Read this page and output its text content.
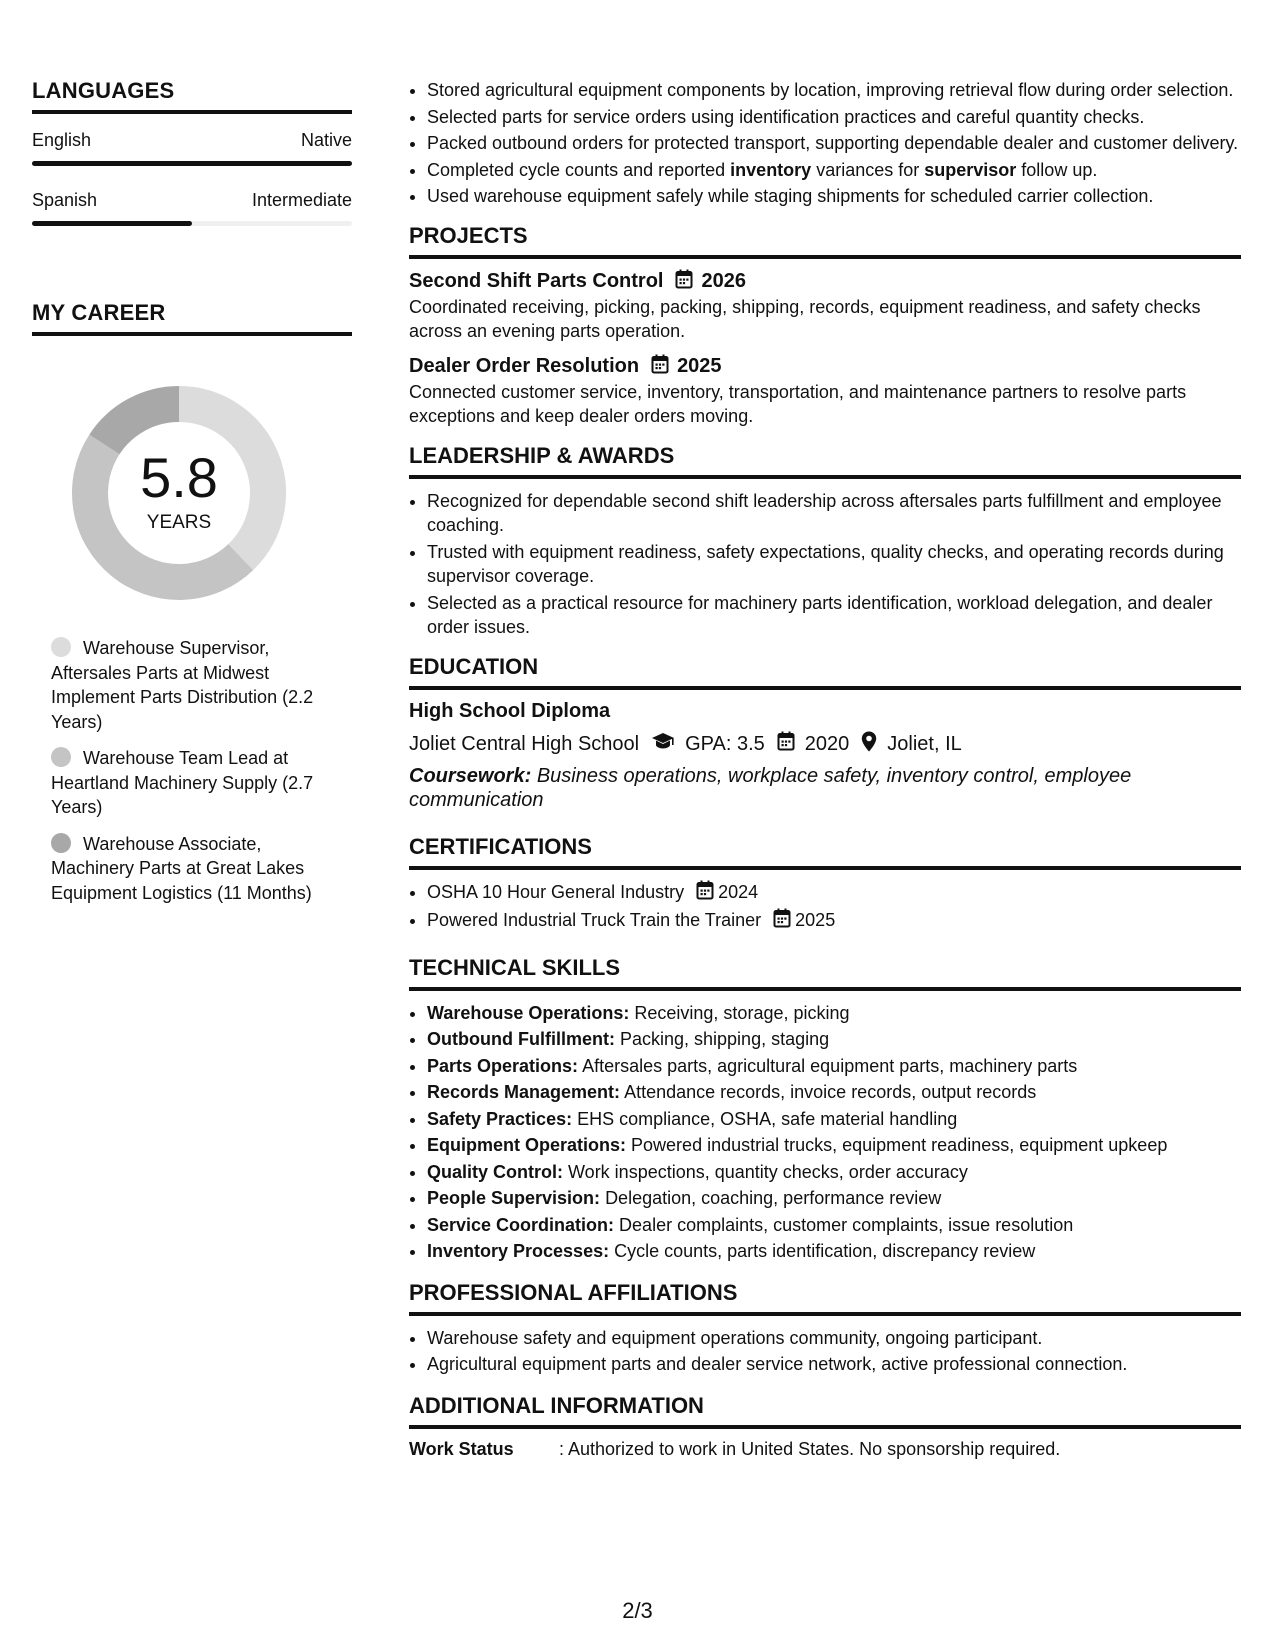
LANGUAGES
English	Native
Spanish	Intermediate
MY CAREER
5.8
YEARS
Warehouse Supervisor, Aftersales Parts at Midwest Implement Parts Distribution (2.2 Years)
Warehouse Team Lead at Heartland Machinery Supply (2.7 Years)
Warehouse Associate, Machinery Parts at Great Lakes Equipment Logistics (11 Months)
• Stored agricultural equipment components by location, improving retrieval flow during order selection.
• Selected parts for service orders using identification practices and careful quantity checks.
• Packed outbound orders for protected transport, supporting dependable dealer and customer delivery.
• Completed cycle counts and reported inventory variances for supervisor follow up.
• Used warehouse equipment safely while staging shipments for scheduled carrier collection.
PROJECTS
Second Shift Parts Control 2026
Coordinated receiving, picking, packing, shipping, records, equipment readiness, and safety checks across an evening parts operation.
Dealer Order Resolution 2025
Connected customer service, inventory, transportation, and maintenance partners to resolve parts exceptions and keep dealer orders moving.
LEADERSHIP & AWARDS
• Recognized for dependable second shift leadership across aftersales parts fulfillment and employee coaching.
• Trusted with equipment readiness, safety expectations, quality checks, and operating records during supervisor coverage.
• Selected as a practical resource for machinery parts identification, workload delegation, and dealer order issues.
EDUCATION
High School Diploma
Joliet Central High School GPA: 3.5 2020 Joliet, IL
Coursework: Business operations, workplace safety, inventory control, employee communication
CERTIFICATIONS
• OSHA 10 Hour General Industry 2024
• Powered Industrial Truck Train the Trainer 2025
TECHNICAL SKILLS
• Warehouse Operations: Receiving, storage, picking
• Outbound Fulfillment: Packing, shipping, staging
• Parts Operations: Aftersales parts, agricultural equipment parts, machinery parts
• Records Management: Attendance records, invoice records, output records
• Safety Practices: EHS compliance, OSHA, safe material handling
• Equipment Operations: Powered industrial trucks, equipment readiness, equipment upkeep
• Quality Control: Work inspections, quantity checks, order accuracy
• People Supervision: Delegation, coaching, performance review
• Service Coordination: Dealer complaints, customer complaints, issue resolution
• Inventory Processes: Cycle counts, parts identification, discrepancy review
PROFESSIONAL AFFILIATIONS
• Warehouse safety and equipment operations community, ongoing participant.
• Agricultural equipment parts and dealer service network, active professional connection.
ADDITIONAL INFORMATION
Work Status	: Authorized to work in United States. No sponsorship required.
2/3
